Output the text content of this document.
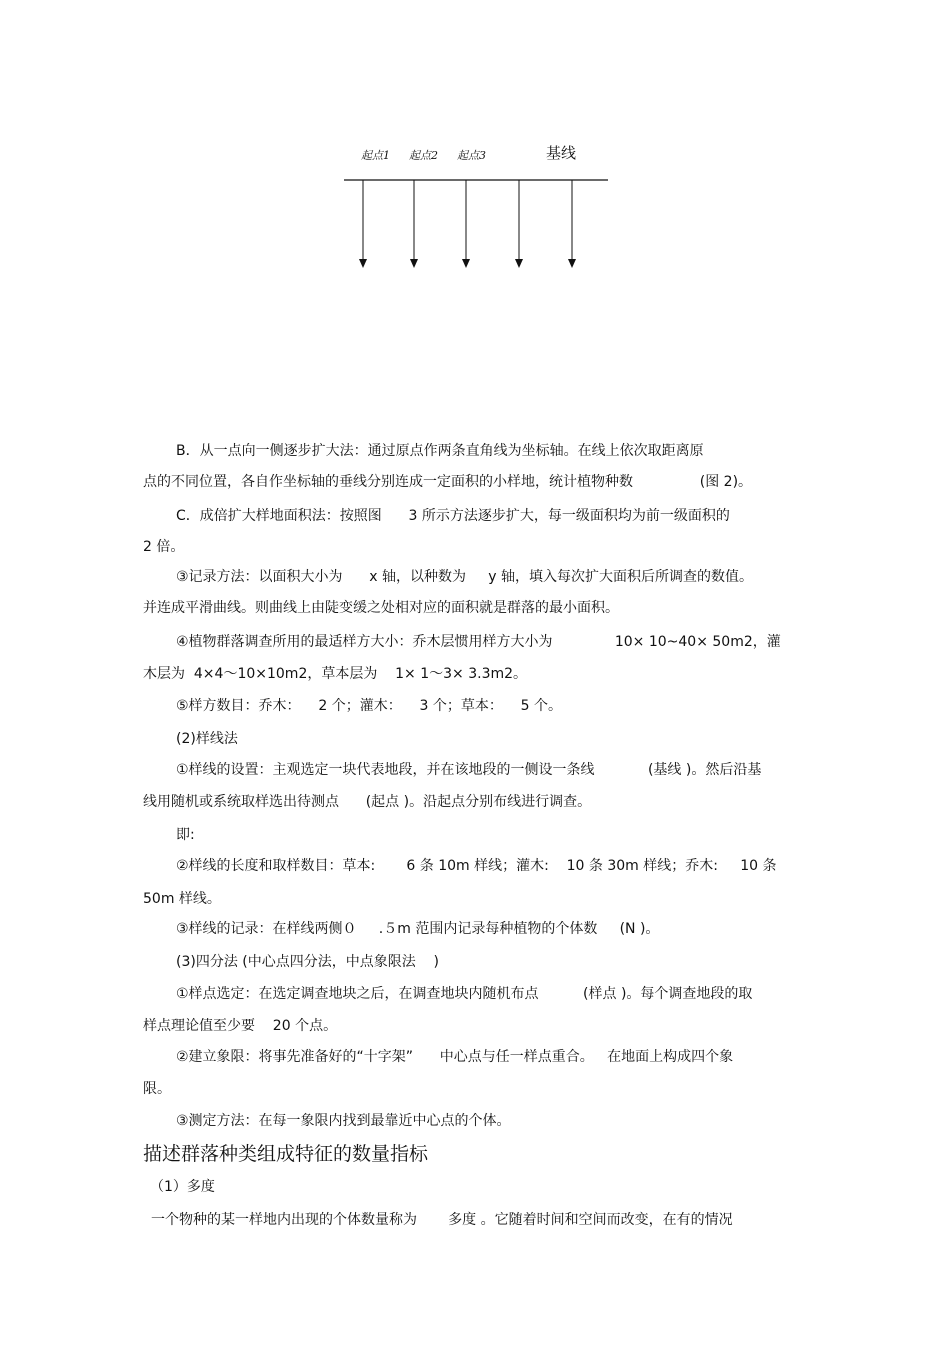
起点1 起点2 起点3	基线
B．从一点向一侧逐步扩大法：通过原点作两条直角线为坐标轴。在线上依次取距离原
点的不同位置，各自作坐标轴的垂线分别连成一定面积的小样地，统计植物种数               (图 2)。
C．成倍扩大样地面积法：按照图      3 所示方法逐步扩大，每一级面积均为前一级面积的
2 倍。
③记录方法：以面积大小为      x 轴，以种数为     y 轴，填入每次扩大面积后所调查的数值。
并连成平滑曲线。则曲线上由陡变缓之处相对应的面积就是群落的最小面积。
④植物群落调查所用的最适样方大小：乔木层惯用样方大小为              10× 10~40× 50m2，灌
木层为  4×4～10×10m2，草本层为    1× 1～3× 3.3m2。
⑤样方数目：乔木：    2 个；灌木：    3 个；草本：    5 个。
(2)样线法
①样线的设置：主观选定一块代表地段，并在该地段的一侧设一条线            (基线 )。然后沿基
线用随机或系统取样选出待测点      (起点 )。沿起点分别布线进行调查。
即:
②样线的长度和取样数目：草本:       6 条 10m 样线；灌木:    10 条 30m 样线；乔木:     10 条
50m 样线。
③样线的记录：在样线两侧０     .５m 范围内记录每种植物的个体数     (N )。
(3)四分法 (中心点四分法，中点象限法    )
①样点选定：在选定调查地块之后，在调查地块内随机布点          (样点 )。每个调查地段的取
样点理论值至少要    20 个点。
②建立象限：将事先准备好的“十字架”      中心点与任一样点重合。   在地面上构成四个象
限。
③测定方法：在每一象限内找到最靠近中心点的个体。
描述群落种类组成特征的数量指标
（1）多度
一个物种的某一样地内出现的个体数量称为       多度 。它随着时间和空间而改变，在有的情况
